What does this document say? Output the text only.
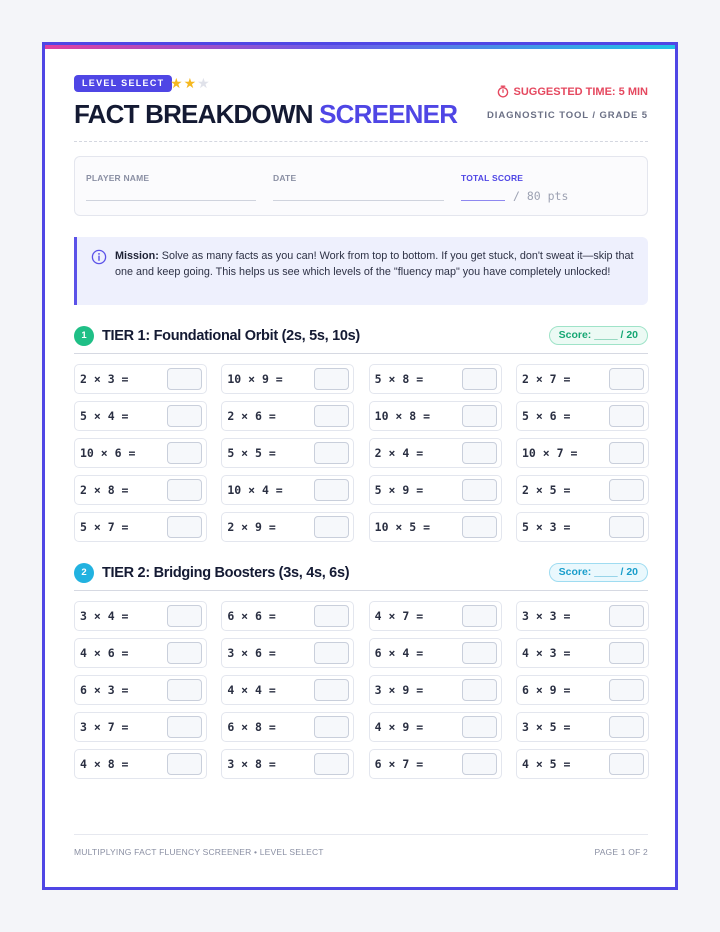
LEVEL SELECT ★★★
FACT BREAKDOWN SCREENER
SUGGESTED TIME: 5 MIN
DIAGNOSTIC TOOL / GRADE 5
PLAYER NAME	DATE	TOTAL SCORE
/ 80 pts
Mission: Solve as many facts as you can! Work from top to bottom. If you get stuck, don't sweat it—skip that one and keep going. This helps us see which levels of the "fluency map" you have completely unlocked!
1	TIER 1: Foundational Orbit (2s, 5s, 10s)	Score: ____ / 20
2 × 3 =	10 × 9 =	5 × 8 =	2 × 7 =
5 × 4 =	2 × 6 =	10 × 8 =	5 × 6 =
10 × 6 =	5 × 5 =	2 × 4 =	10 × 7 =
2 × 8 =	10 × 4 =	5 × 9 =	2 × 5 =
5 × 7 =	2 × 9 =	10 × 5 =	5 × 3 =
2	TIER 2: Bridging Boosters (3s, 4s, 6s)	Score: ____ / 20
3 × 4 =	6 × 6 =	4 × 7 =	3 × 3 =
4 × 6 =	3 × 6 =	6 × 4 =	4 × 3 =
6 × 3 =	4 × 4 =	3 × 9 =	6 × 9 =
3 × 7 =	6 × 8 =	4 × 9 =	3 × 5 =
4 × 8 =	3 × 8 =	6 × 7 =	4 × 5 =
MULTIPLYING FACT FLUENCY SCREENER • LEVEL SELECT	PAGE 1 OF 2
